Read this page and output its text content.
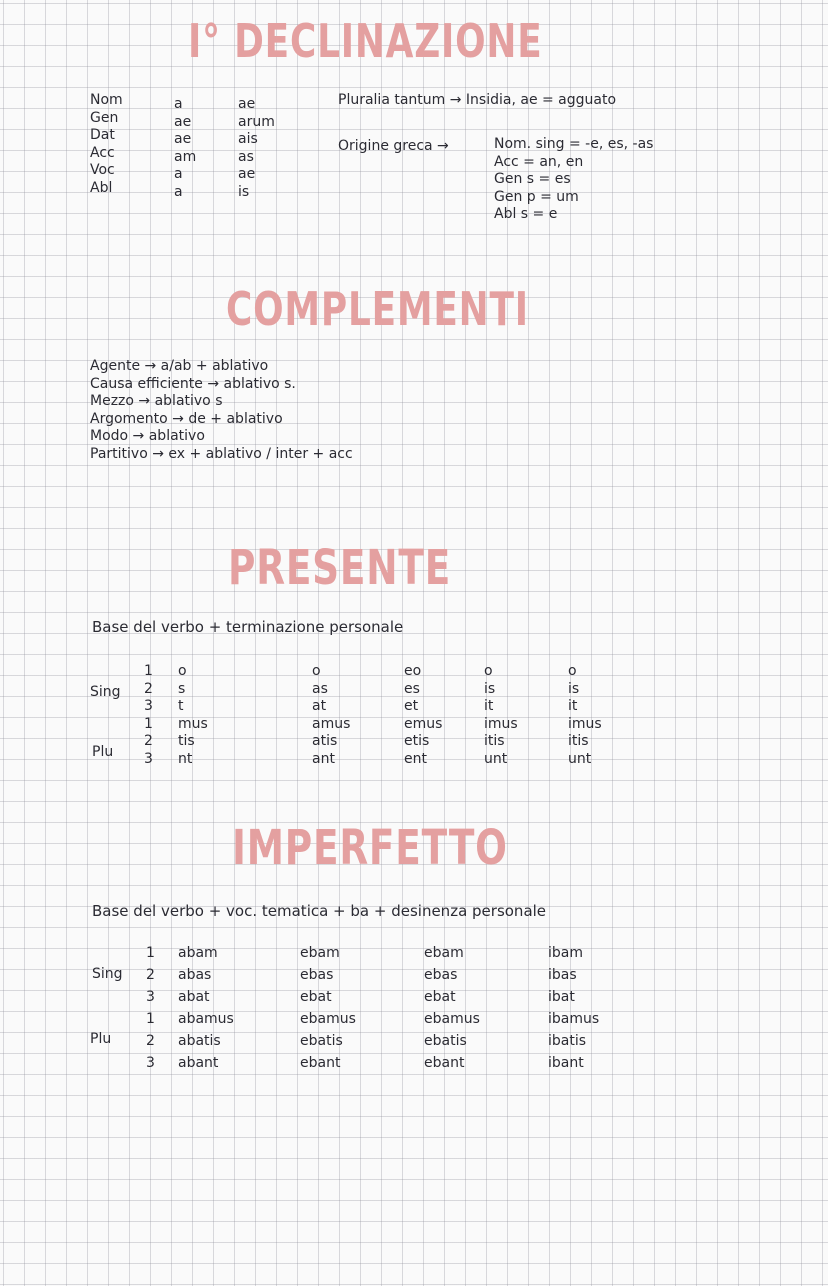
I° DECLINAZIONE
Nom
Gen
Dat
Acc
Voc
Abl
a
ae
ae
am
a
a
ae
arum
ais
as
ae
is
Pluralia tantum → Insidia, ae = agguato
Origine greca →	Nom. sing = -e, es, -as
Acc = an, en
Gen s = es
Gen p = um
Abl s = e
COMPLEMENTI
Agente → a/ab + ablativo
Causa efficiente → ablativo s.
Mezzo → ablativo s
Argomento → de + ablativo
Modo → ablativo
Partitivo → ex + ablativo / inter + acc
PRESENTE
Base del verbo + terminazione personale
Sing
Plu
1
2
3
1
2
3
o
s
t
mus
tis
nt
o
as
at
amus
atis
ant
eo
es
et
emus
etis
ent
o
is
it
imus
itis
unt
o
is
it
imus
itis
unt
IMPERFETTO
Base del verbo + voc. tematica + ba + desinenza personale
Sing
Plu
1
2
3
1
2
3
abam
abas
abat
abamus
abatis
abant
ebam
ebas
ebat
ebamus
ebatis
ebant
ebam
ebas
ebat
ebamus
ebatis
ebant
ibam
ibas
ibat
ibamus
ibatis
ibant
